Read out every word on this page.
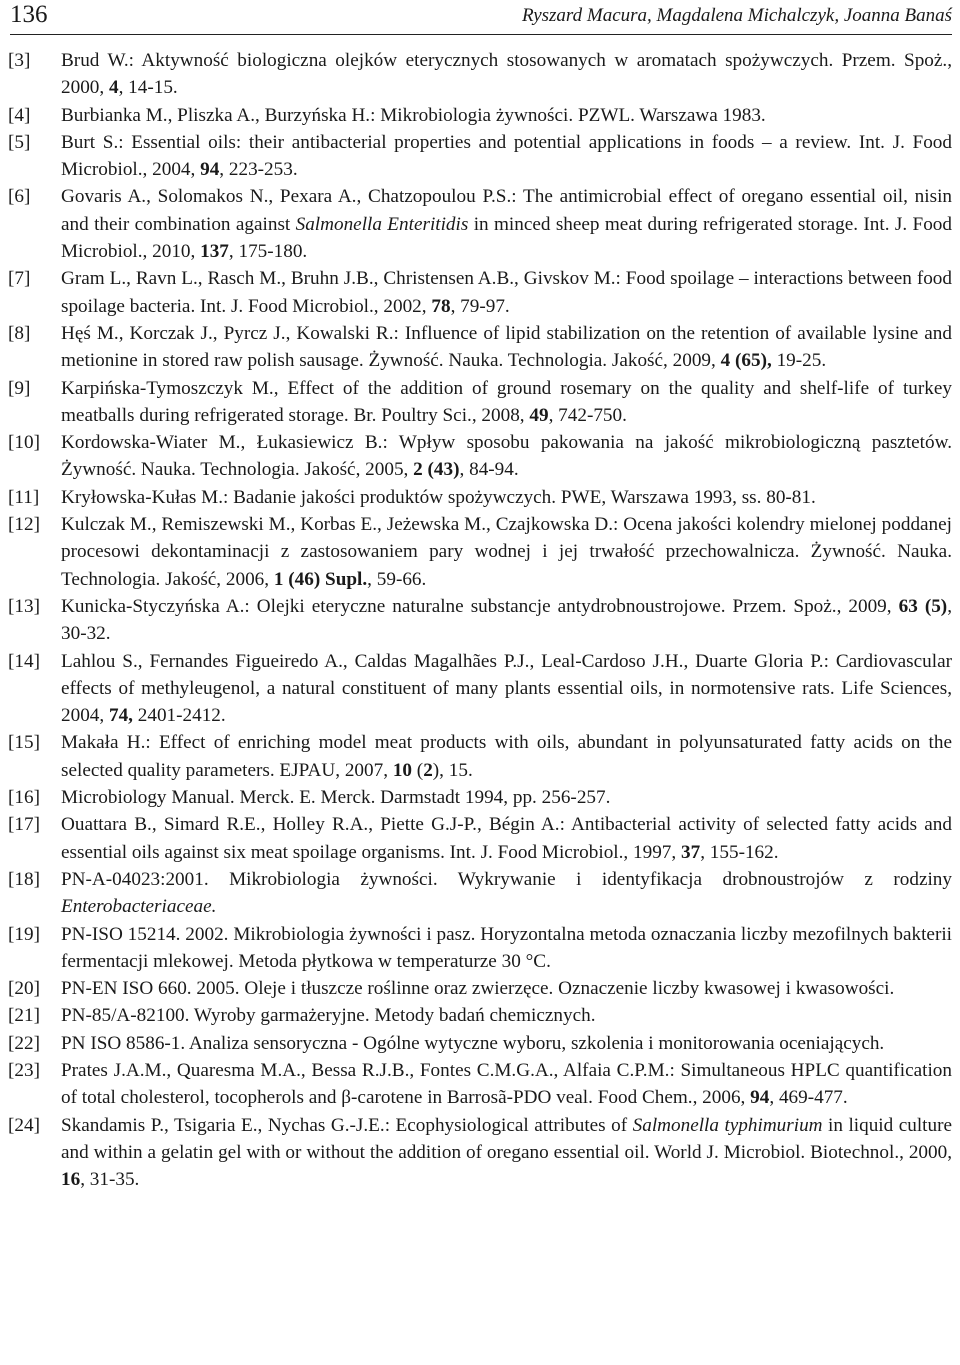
136	Ryszard Macura, Magdalena Michalczyk, Joanna Banaś
[3] Brud W.: Aktywność biologiczna olejków eterycznych stosowanych w aromatach spożywczych. Przem. Spoż., 2000, 4, 14-15.
[4] Burbianka M., Pliszka A., Burzyńska H.: Mikrobiologia żywności. PZWL. Warszawa 1983.
[5] Burt S.: Essential oils: their antibacterial properties and potential applications in foods – a review. Int. J. Food Microbiol., 2004, 94, 223-253.
[6] Govaris A., Solomakos N., Pexara A., Chatzopoulou P.S.: The antimicrobial effect of oregano essential oil, nisin and their combination against Salmonella Enteritidis in minced sheep meat during refrigerated storage. Int. J. Food Microbiol., 2010, 137, 175-180.
[7] Gram L., Ravn L., Rasch M., Bruhn J.B., Christensen A.B., Givskov M.: Food spoilage – interactions between food spoilage bacteria. Int. J. Food Microbiol., 2002, 78, 79-97.
[8] Hęś M., Korczak J., Pyrcz J., Kowalski R.: Influence of lipid stabilization on the retention of available lysine and metionine in stored raw polish sausage. Żywność. Nauka. Technologia. Jakość, 2009, 4 (65), 19-25.
[9] Karpińska-Tymoszczyk M., Effect of the addition of ground rosemary on the quality and shelf-life of turkey meatballs during refrigerated storage. Br. Poultry Sci., 2008, 49, 742-750.
[10] Kordowska-Wiater M., Łukasiewicz B.: Wpływ sposobu pakowania na jakość mikrobiologiczną pasztetów. Żywność. Nauka. Technologia. Jakość, 2005, 2 (43), 84-94.
[11] Kryłowska-Kułas M.: Badanie jakości produktów spożywczych. PWE, Warszawa 1993, ss. 80-81.
[12] Kulczak M., Remiszewski M., Korbas E., Jeżewska M., Czajkowska D.: Ocena jakości kolendry mielonej poddanej procesowi dekontaminacji z zastosowaniem pary wodnej i jej trwałość przechowalnicza. Żywność. Nauka. Technologia. Jakość, 2006, 1 (46) Supl., 59-66.
[13] Kunicka-Styczyńska A.: Olejki eteryczne naturalne substancje antydrobnoustrojowe. Przem. Spoż., 2009, 63 (5), 30-32.
[14] Lahlou S., Fernandes Figueiredo A., Caldas Magalhães P.J., Leal-Cardoso J.H., Duarte Gloria P.: Cardiovascular effects of methyleugenol, a natural constituent of many plants essential oils, in normotensive rats. Life Sciences, 2004, 74, 2401-2412.
[15] Makała H.: Effect of enriching model meat products with oils, abundant in polyunsaturated fatty acids on the selected quality parameters. EJPAU, 2007, 10 (2), 15.
[16] Microbiology Manual. Merck. E. Merck. Darmstadt 1994, pp. 256-257.
[17] Ouattara B., Simard R.E., Holley R.A., Piette G.J-P., Bégin A.: Antibacterial activity of selected fatty acids and essential oils against six meat spoilage organisms. Int. J. Food Microbiol., 1997, 37, 155-162.
[18] PN-A-04023:2001. Mikrobiologia żywności. Wykrywanie i identyfikacja drobnoustrojów z rodziny Enterobacteriaceae.
[19] PN-ISO 15214. 2002. Mikrobiologia żywności i pasz. Horyzontalna metoda oznaczania liczby mezofilnych bakterii fermentacji mlekowej. Metoda płytkowa w temperaturze 30 °C.
[20] PN-EN ISO 660. 2005. Oleje i tłuszcze roślinne oraz zwierzęce. Oznaczenie liczby kwasowej i kwasowości.
[21] PN-85/A-82100. Wyroby garmażeryjne. Metody badań chemicznych.
[22] PN ISO 8586-1. Analiza sensoryczna - Ogólne wytyczne wyboru, szkolenia i monitorowania oceniających.
[23] Prates J.A.M., Quaresma M.A., Bessa R.J.B., Fontes C.M.G.A., Alfaia C.P.M.: Simultaneous HPLC quantification of total cholesterol, tocopherols and β-carotene in Barrosã-PDO veal. Food Chem., 2006, 94, 469-477.
[24] Skandamis P., Tsigaria E., Nychas G.-J.E.: Ecophysiological attributes of Salmonella typhimurium in liquid culture and within a gelatin gel with or without the addition of oregano essential oil. World J. Microbiol. Biotechnol., 2000, 16, 31-35.
